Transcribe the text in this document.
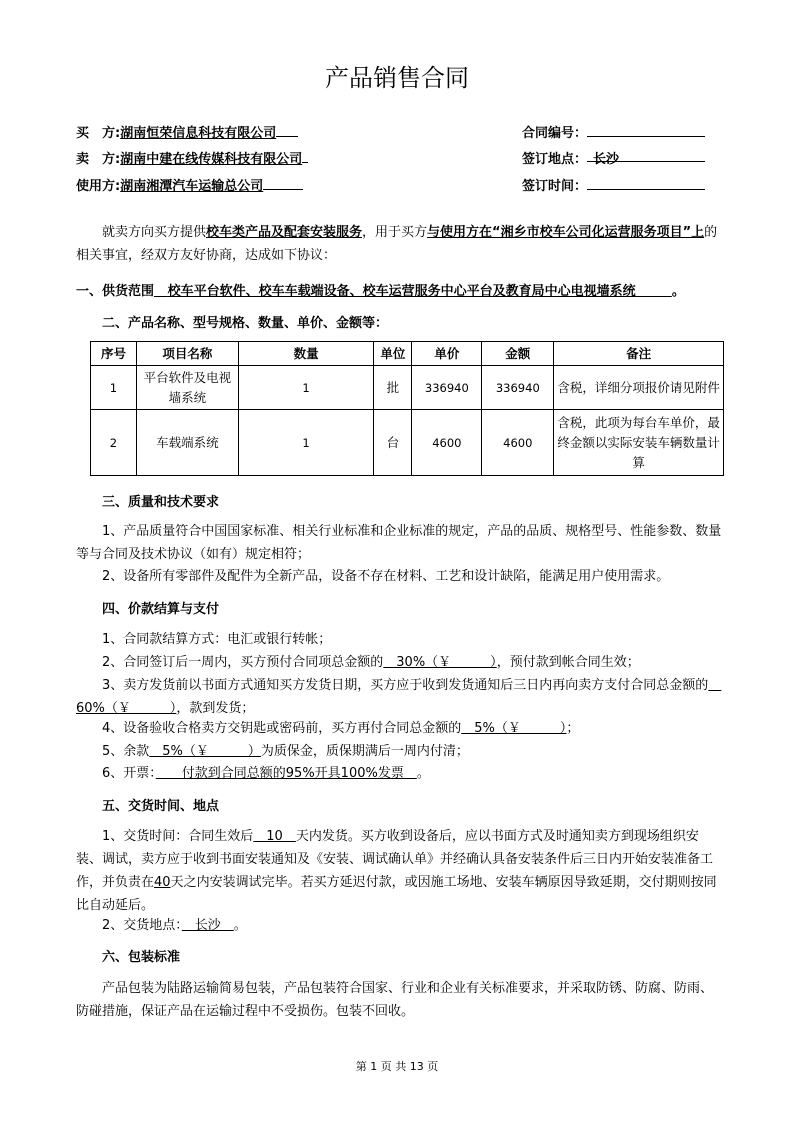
产品销售合同
买　方:湖南恒荣信息科技有限公司
卖　方:湖南中建在线传媒科技有限公司
使用方:湖南湘潭汽车运输总公司
合同编号：
签订地点： 长沙
签订时间：
就卖方向买方提供校车类产品及配套安装服务，用于买方与使用方在“湘乡市校车公司化运营服务项目”上的相关事宜，经双方友好协商，达成如下协议：
一、供货范围 校车平台软件、校车车载端设备、校车运营服务中心平台及教育局中心电视墙系统	。
二、产品名称、型号规格、数量、单价、金额等：
序号	项目名称	数量	单位	单价	金额	备注
1	平台软件及电视墙系统	1	批	336940	336940	含税，详细分项报价请见附件
2	车载端系统	1	台	4600	4600	含税，此项为每台车单价，最终金额以实际安装车辆数量计算
三、质量和技术要求
1、产品质量符合中国国家标准、相关行业标准和企业标准的规定，产品的品质、规格型号、性能参数、数量等与合同及技术协议（如有）规定相符；
2、设备所有零部件及配件为全新产品，设备不存在材料、工艺和设计缺陷，能满足用户使用需求。
四、价款结算与支付
1、合同款结算方式：电汇或银行转帐；
2、合同签订后一周内，买方预付合同项总金额的　30%（￥　　　），预付款到帐合同生效；
3、卖方发货前以书面方式通知买方发货日期，买方应于收到发货通知后三日内再向卖方支付合同总金额的　60%（￥　　　），款到发货；
4、设备验收合格卖方交钥匙或密码前，买方再付合同总金额的　5%（￥　　　）；
5、余款　5%（￥　　　）为质保金，质保期满后一周内付清；
6、开票：　　付款到合同总额的95%开具100%发票　。
五、交货时间、地点
1、交货时间：合同生效后　10　天内发货。买方收到设备后，应以书面方式及时通知卖方到现场组织安装、调试，卖方应于收到书面安装通知及《安装、调试确认单》并经确认具备安装条件后三日内开始安装准备工作，并负责在40天之内安装调试完毕。若买方延迟付款，或因施工场地、安装车辆原因导致延期，交付期则按同比自动延后。
2、交货地点：　长沙　。
六、包装标准
产品包装为陆路运输简易包装，产品包装符合国家、行业和企业有关标准要求，并采取防锈、防腐、防雨、防碰措施，保证产品在运输过程中不受损伤。包装不回收。
第 1 页 共 13 页
